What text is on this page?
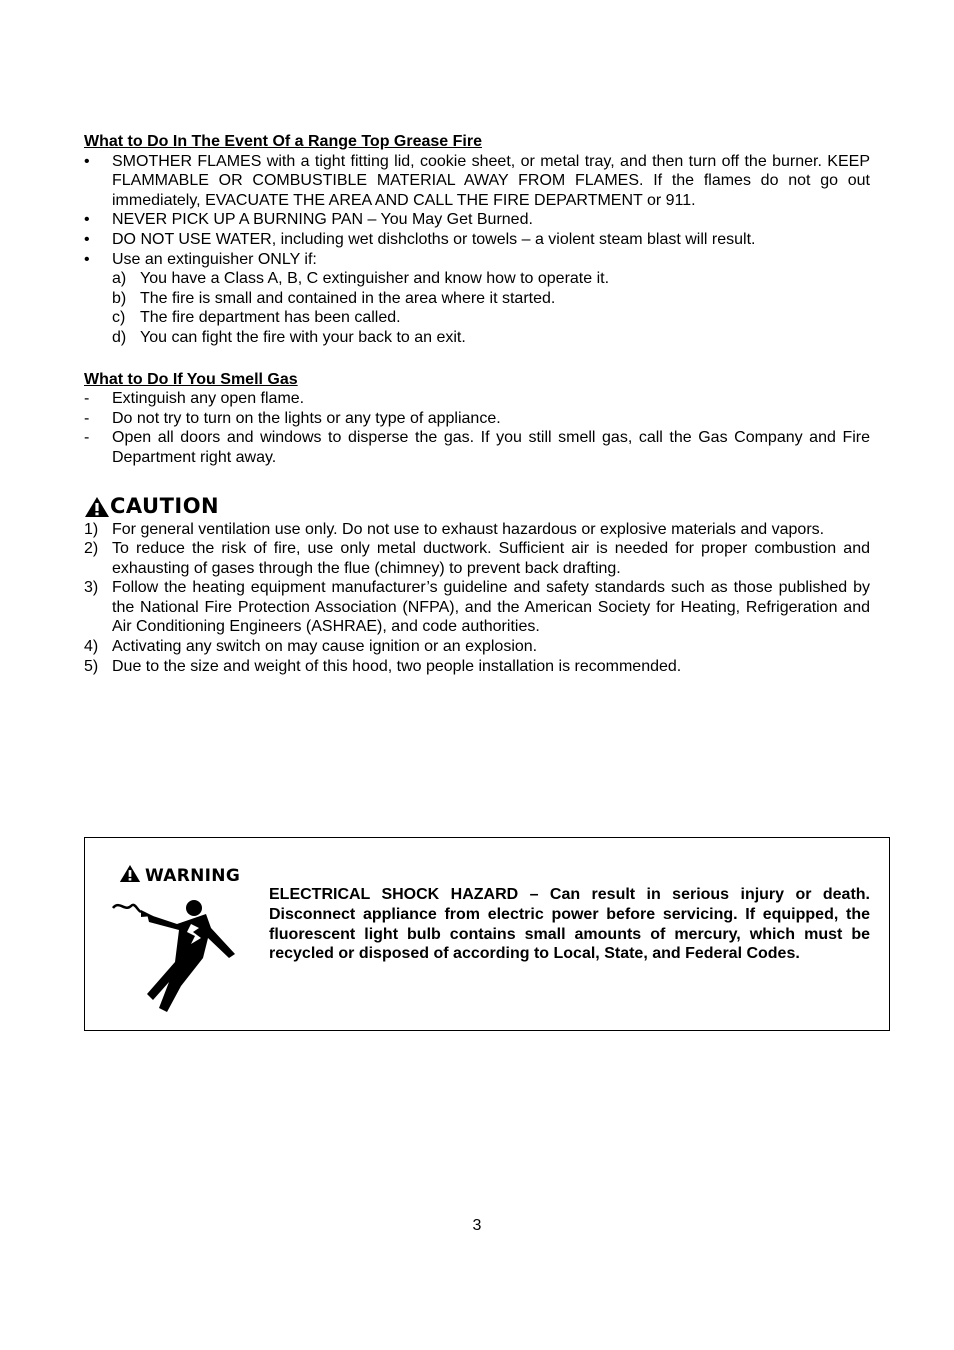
What to Do In The Event Of a Range Top Grease Fire

• SMOTHER FLAMES with a tight fitting lid, cookie sheet, or metal tray, and then turn off the burner. KEEP FLAMMABLE OR COMBUSTIBLE MATERIAL AWAY FROM FLAMES. If the flames do not go out immediately, EVACUATE THE AREA AND CALL THE FIRE DEPARTMENT or 911.
• NEVER PICK UP A BURNING PAN – You May Get Burned.
• DO NOT USE WATER, including wet dishcloths or towels – a violent steam blast will result.
• Use an extinguisher ONLY if:
a) You have a Class A, B, C extinguisher and know how to operate it.
b) The fire is small and contained in the area where it started.
c) The fire department has been called.
d) You can fight the fire with your back to an exit.

What to Do If You Smell Gas

- Extinguish any open flame.
- Do not try to turn on the lights or any type of appliance.
- Open all doors and windows to disperse the gas. If you still smell gas, call the Gas Company and Fire Department right away.
CAUTION
1) For general ventilation use only. Do not use to exhaust hazardous or explosive materials and vapors.
2) To reduce the risk of fire, use only metal ductwork. Sufficient air is needed for proper combustion and exhausting of gases through the flue (chimney) to prevent back drafting.
3) Follow the heating equipment manufacturer’s guideline and safety standards such as those published by the National Fire Protection Association (NFPA), and the American Society for Heating, Refrigeration and Air Conditioning Engineers (ASHRAE), and code authorities.
4) Activating any switch on may cause ignition or an explosion.
5) Due to the size and weight of this hood, two people installation is recommended.
WARNING
ELECTRICAL SHOCK HAZARD – Can result in serious injury or death. Disconnect appliance from electric power before servicing. If equipped, the fluorescent light bulb contains small amounts of mercury, which must be recycled or disposed of according to Local, State, and Federal Codes.
3
